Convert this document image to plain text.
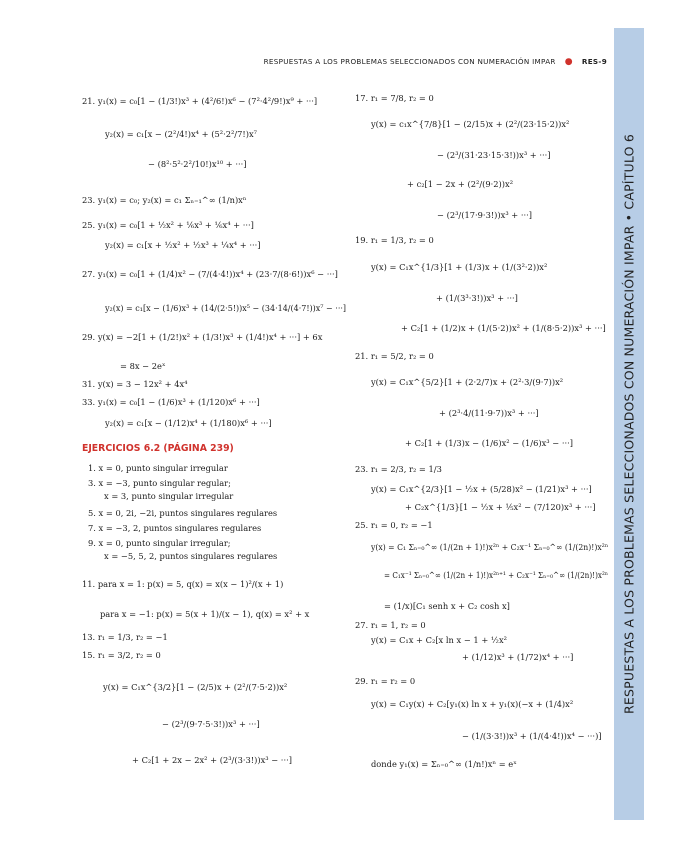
RESPUESTAS A LOS PROBLEMAS SELECCIONADOS CON NUMERACIÓN IMPAR • CAPÍTULO 6
RESPUESTAS A LOS PROBLEMAS SELECCIONADOS CON NUMERACIÓN IMPAR ● RES-9
21. y₁(x) = c₀[1 − (1/3!)x³ + (4²/6!)x⁶ − (7²·4²/9!)x⁹ + ···]
y₂(x) = c₁[x − (2²/4!)x⁴ + (5²·2²/7!)x⁷
− (8²·5²·2²/10!)x¹⁰ + ···]
23. y₁(x) = c₀; y₂(x) = c₁ Σₙ₌₁^∞ (1/n)xⁿ
25. y₁(x) = c₀[1 + ½x² + ⅙x³ + ⅙x⁴ + ···]
y₂(x) = c₁[x + ½x² + ½x³ + ¼x⁴ + ···]
27. y₁(x) = c₀[1 + (1/4)x² − (7/(4·4!))x⁴ + (23·7/(8·6!))x⁶ − ···]
y₂(x) = c₁[x − (1/6)x³ + (14/(2·5!))x⁵ − (34·14/(4·7!))x⁷ − ···]
29. y(x) = −2[1 + (1/2!)x² + (1/3!)x³ + (1/4!)x⁴ + ···] + 6x
= 8x − 2eˣ
31. y(x) = 3 − 12x² + 4x⁴
33. y₁(x) = c₀[1 − (1/6)x³ + (1/120)x⁶ + ···]
y₂(x) = c₁[x − (1/12)x⁴ + (1/180)x⁶ + ···]
EJERCICIOS 6.2 (PÁGINA 239)
1. x = 0, punto singular irregular
3. x = −3, punto singular regular;
x = 3, punto singular irregular
5. x = 0, 2i, −2i, puntos singulares regulares
7. x = −3, 2, puntos singulares regulares
9. x = 0, punto singular irregular;
x = −5, 5, 2, puntos singulares regulares
11. para x = 1: p(x) = 5, q(x) = x(x − 1)²/(x + 1)
para x = −1: p(x) = 5(x + 1)/(x − 1), q(x) = x² + x
13. r₁ = 1/3, r₂ = −1
15. r₁ = 3/2, r₂ = 0
y(x) = C₁x^{3/2}[1 − (2/5)x + (2²/(7·5·2))x²
− (2³/(9·7·5·3!))x³ + ···]
+ C₂[1 + 2x − 2x² + (2³/(3·3!))x³ − ···]
17. r₁ = 7/8, r₂ = 0
y(x) = c₁x^{7/8}[1 − (2/15)x + (2²/(23·15·2))x²
− (2³/(31·23·15·3!))x³ + ···]
+ c₂[1 − 2x + (2²/(9·2))x²
− (2³/(17·9·3!))x³ + ···]
19. r₁ = 1/3, r₂ = 0
y(x) = C₁x^{1/3}[1 + (1/3)x + (1/(3²·2))x²
+ (1/(3³·3!))x³ + ···]
+ C₂[1 + (1/2)x + (1/(5·2))x² + (1/(8·5·2))x³ + ···]
21. r₁ = 5/2, r₂ = 0
y(x) = C₁x^{5/2}[1 + (2·2/7)x + (2²·3/(9·7))x²
+ (2³·4/(11·9·7))x³ + ···]
+ C₂[1 + (1/3)x − (1/6)x² − (1/6)x³ − ···]
23. r₁ = 2/3, r₂ = 1/3
y(x) = C₁x^{2/3}[1 − ½x + (5/28)x² − (1/21)x³ + ···]
+ C₂x^{1/3}[1 − ½x + ⅕x² − (7/120)x³ + ···]
25. r₁ = 0, r₂ = −1
y(x) = C₁ Σₙ₌₀^∞ (1/(2n + 1)!)x²ⁿ + C₂x⁻¹ Σₙ₌₀^∞ (1/(2n)!)x²ⁿ
= C₁x⁻¹ Σₙ₌₀^∞ (1/(2n + 1)!)x²ⁿ⁺¹ + C₂x⁻¹ Σₙ₌₀^∞ (1/(2n)!)x²ⁿ
= (1/x)[C₁ senh x + C₂ cosh x]
27. r₁ = 1, r₂ = 0
y(x) = C₁x + C₂[x ln x − 1 + ½x²
+ (1/12)x³ + (1/72)x⁴ + ···]
29. r₁ = r₂ = 0
y(x) = C₁y(x) + C₂[y₁(x) ln x + y₁(x)(−x + (1/4)x²
− (1/(3·3!))x³ + (1/(4·4!))x⁴ − ···)]
donde y₁(x) = Σₙ₌₀^∞ (1/n!)xⁿ = eˣ
